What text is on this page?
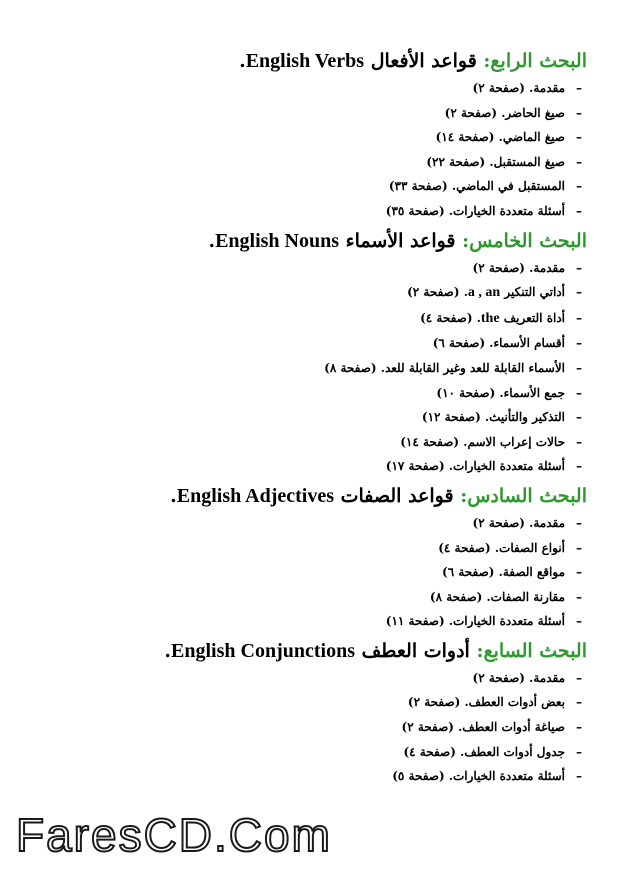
البحث الرابع: قواعد الأفعال English Verbs.
–مقدمة. (صفحة ٢)
–صيغ الحاضر. (صفحة ٢)
–صيغ الماضي. (صفحة ١٤)
–صيغ المستقبل. (صفحة ٢٢)
–المستقبل في الماضي. (صفحة ٣٣)
–أسئلة متعددة الخيارات. (صفحة ٣٥)
البحث الخامس: قواعد الأسماء English Nouns.
–مقدمة. (صفحة ٢)
–أداتي التنكير a , an. (صفحة ٢)
–أداة التعريف the. (صفحة ٤)
–أقسام الأسماء. (صفحة ٦)
–الأسماء القابلة للعد وغير القابلة للعد. (صفحة ٨)
–جمع الأسماء. (صفحة ١٠)
–التذكير والتأنيث. (صفحة ١٢)
–حالات إعراب الاسم. (صفحة ١٤)
–أسئلة متعددة الخيارات. (صفحة ١٧)
البحث السادس: قواعد الصفات English Adjectives.
–مقدمة. (صفحة ٢)
–أنواع الصفات. (صفحة ٤)
–مواقع الصفة. (صفحة ٦)
–مقارنة الصفات. (صفحة ٨)
–أسئلة متعددة الخيارات. (صفحة ١١)
البحث السابع: أدوات العطف English Conjunctions.
–مقدمة. (صفحة ٢)
–بعض أدوات العطف. (صفحة ٢)
–صياغة أدوات العطف. (صفحة ٢)
–جدول أدوات العطف. (صفحة ٤)
–أسئلة متعددة الخيارات. (صفحة ٥)
FaresCD.Com
